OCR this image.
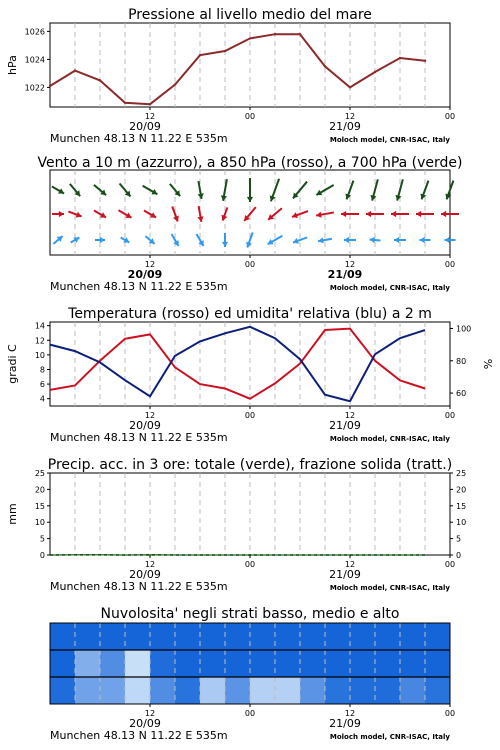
Pressione al livello medio del mare
1022
1024
1026
hPa
12	00	12	00
20/09	21/09
Munchen 48.13 N 11.22 E 535m	Moloch model, CNR-ISAC, Italy
Vento a 10 m (azzurro), a 850 hPa (rosso), a 700 hPa (verde)
12	00	12	00
20/09	21/09
Munchen 48.13 N 11.22 E 535m	Moloch model, CNR-ISAC, Italy
Temperatura (rosso) ed umidita' relativa (blu) a 2 m
4
6
8
10
12
14
60
80
100
gradi C	%
12	00	12	00
20/09	21/09
Munchen 48.13 N 11.22 E 535m	Moloch model, CNR-ISAC, Italy
Precip. acc. in 3 ore: totale (verde), frazione solida (tratt.)
0	0
5	5
10	10
15	15
20	20
25	25
mm
12	00	12	00
20/09	21/09
Munchen 48.13 N 11.22 E 535m	Moloch model, CNR-ISAC, Italy
Nuvolosita' negli strati basso, medio e alto
12	00	12	00
20/09	21/09
Munchen 48.13 N 11.22 E 535m	Moloch model, CNR-ISAC, Italy
